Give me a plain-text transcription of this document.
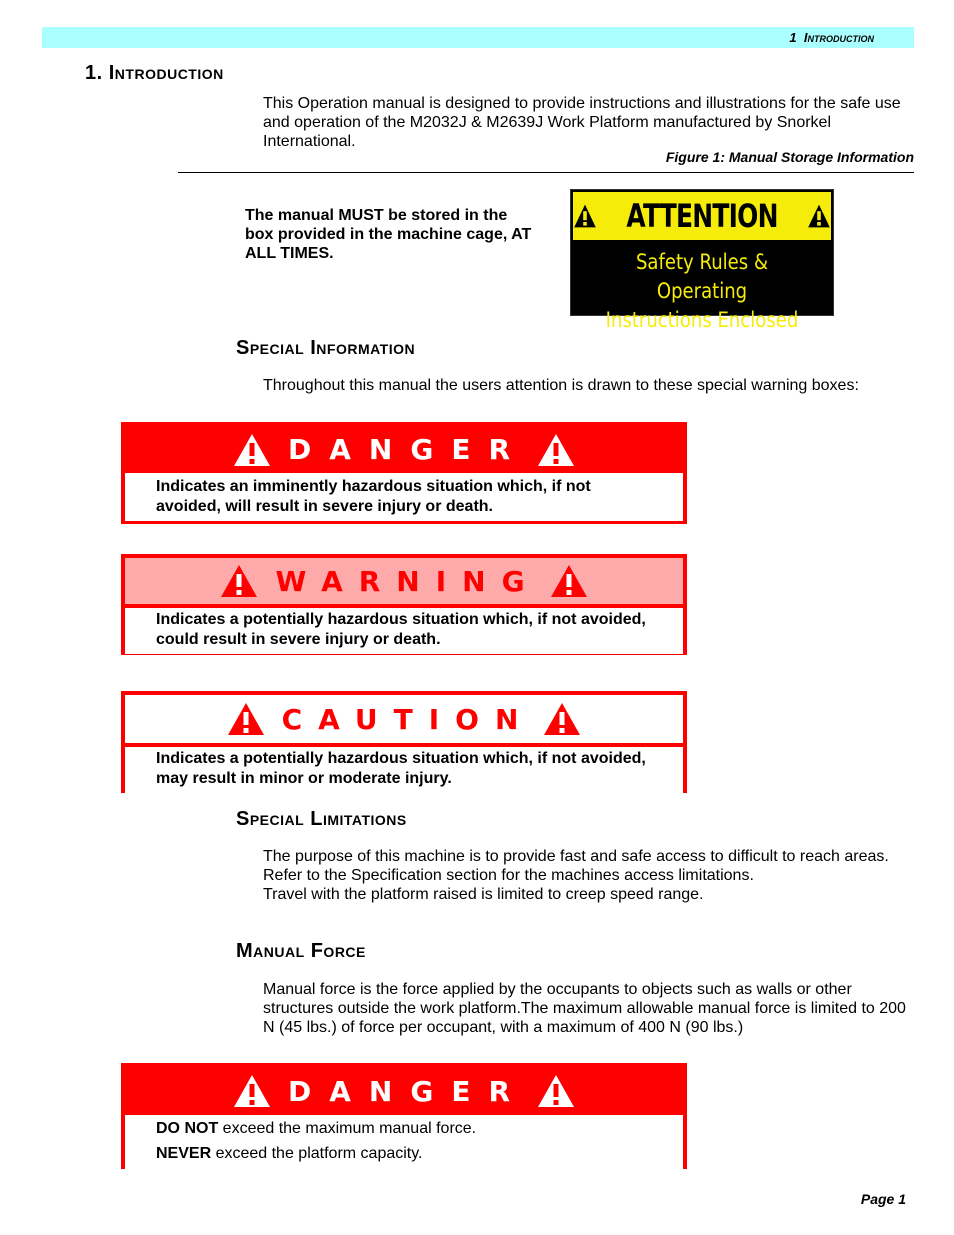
1 Introduction
1. Introduction
This Operation manual is designed to provide instructions and illustrations for the safe use and operation of the M2032J & M2639J Work Platform manufactured by Snorkel International.
Figure 1: Manual Storage Information
The manual MUST be stored in the box provided in the machine cage, AT ALL TIMES.
ATTENTION
Safety Rules & Operating
Instructions Enclosed
Special Information
Throughout this manual the users attention is drawn to these special warning boxes:
DANGER
Indicates an imminently hazardous situation which, if not
avoided, will result in severe injury or death.
WARNING
Indicates a potentially hazardous situation which, if not avoided,
could result in severe injury or death.
CAUTION
Indicates a potentially hazardous situation which, if not avoided,
may result in minor or moderate injury.
Special Limitations
The purpose of this machine is to provide fast and safe access to difficult to reach areas.
Refer to the Specification section for the machines access limitations.
Travel with the platform raised is limited to creep speed range.
Manual Force
Manual force is the force applied by the occupants to objects such as walls or other structures outside the work platform.The maximum allowable manual force is limited to 200 N (45 lbs.) of force per occupant, with a maximum of 400 N (90 lbs.)
DANGER
DO NOT exceed the maximum manual force.
NEVER exceed the platform capacity.
Page 1
